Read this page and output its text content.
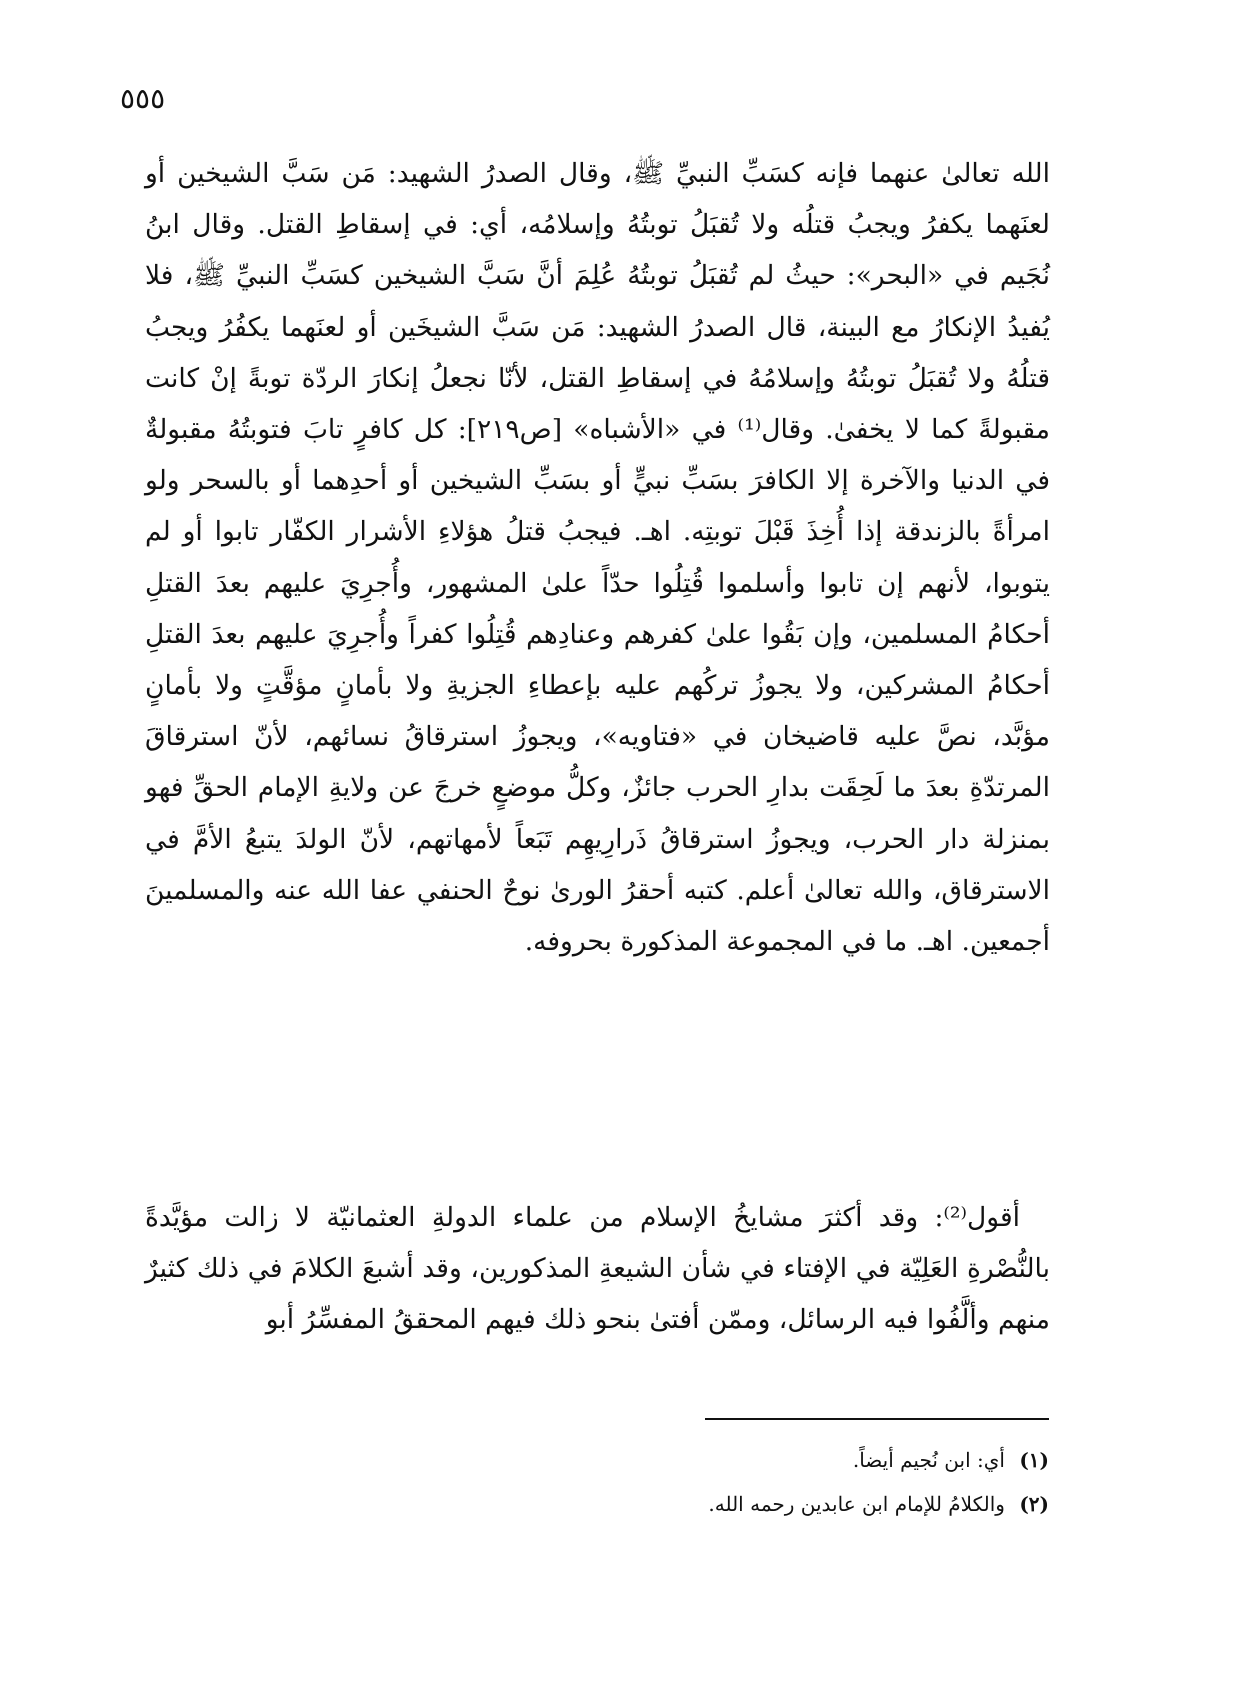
٥٥٥
الله تعالىٰ عنهما فإنه كسَبِّ النبيِّ ﷺ، وقال الصدرُ الشهيد: مَن سَبَّ الشيخين أو لعنَهما يكفرُ ويجبُ قتلُه ولا تُقبَلُ توبتُهُ وإسلامُه، أي: في إسقاطِ القتل. وقال ابنُ نُجَيم في «البحر»: حيثُ لم تُقبَلُ توبتُهُ عُلِمَ أنَّ سَبَّ الشيخين كسَبِّ النبيِّ ﷺ، فلا يُفيدُ الإنكارُ مع البينة، قال الصدرُ الشهيد: مَن سَبَّ الشيخَين أو لعنَهما يكفُرُ ويجبُ قتلُهُ ولا تُقبَلُ توبتُهُ وإسلامُهُ في إسقاطِ القتل، لأنّا نجعلُ إنكارَ الردّة توبةً إنْ كانت مقبولةً كما لا يخفىٰ. وقال⁽¹⁾ في «الأشباه» [ص٢١٩]: كل كافرٍ تابَ فتوبتُهُ مقبولةٌ في الدنيا والآخرة إلا الكافرَ بسَبِّ نبيٍّ أو بسَبِّ الشيخين أو أحدِهما أو بالسحر ولو امرأةً بالزندقة إذا أُخِذَ قَبْلَ توبتِه. اهـ. فيجبُ قتلُ هؤلاءِ الأشرار الكفّار تابوا أو لم يتوبوا، لأنهم إن تابوا وأسلموا قُتِلُوا حدّاً علىٰ المشهور، وأُجرِيَ عليهم بعدَ القتلِ أحكامُ المسلمين، وإن بَقُوا علىٰ كفرهم وعنادِهم قُتِلُوا كفراً وأُجرِيَ عليهم بعدَ القتلِ أحكامُ المشركين، ولا يجوزُ تركُهم عليه بإعطاءِ الجزيةِ ولا بأمانٍ مؤقَّتٍ ولا بأمانٍ مؤبَّد، نصَّ عليه قاضيخان في «فتاويه»، ويجوزُ استرقاقُ نسائهم، لأنّ استرقاقَ المرتدّةِ بعدَ ما لَحِقَت بدارِ الحرب جائزٌ، وكلُّ موضعٍ خرجَ عن ولايةِ الإمام الحقِّ فهو بمنزلة دار الحرب، ويجوزُ استرقاقُ ذَرارِيهِم تَبَعاً لأمهاتهم، لأنّ الولدَ يتبعُ الأمَّ في الاسترقاق، والله تعالىٰ أعلم. كتبه أحقرُ الورىٰ نوحٌ الحنفي عفا الله عنه والمسلمينَ أجمعين. اهـ. ما في المجموعة المذكورة بحروفه.
أقول⁽²⁾: وقد أكثرَ مشايخُ الإسلام من علماء الدولةِ العثمانيّة لا زالت مؤيَّدةً بالنُّصْرةِ العَلِيّة في الإفتاء في شأن الشيعةِ المذكورين، وقد أشبعَ الكلامَ في ذلك كثيرٌ منهم وألَّفُوا فيه الرسائل، وممّن أفتىٰ بنحو ذلك فيهم المحققُ المفسِّرُ أبو
(١) أي: ابن نُجيم أيضاً.
(٢) والكلامُ للإمام ابن عابدين رحمه الله.
